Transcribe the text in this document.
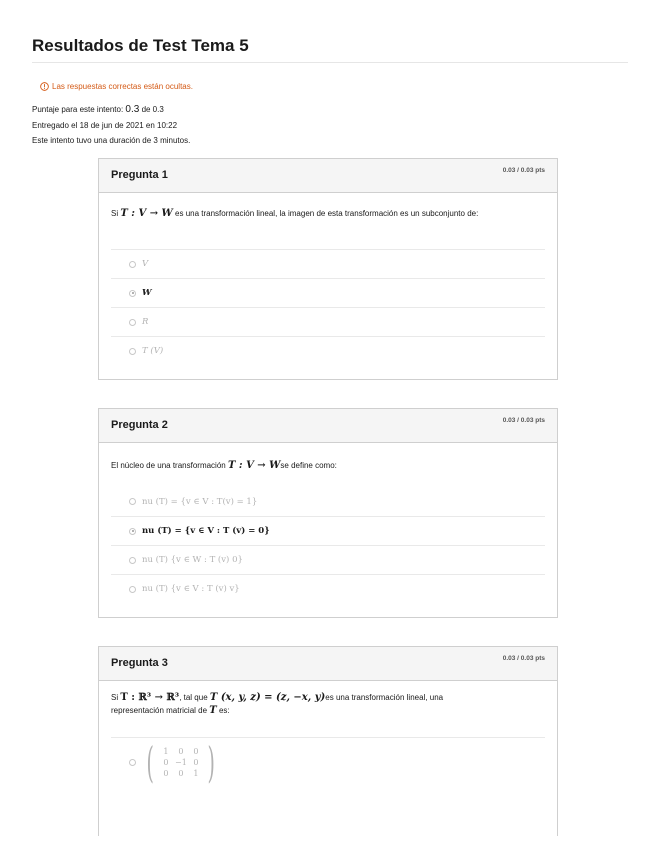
Resultados de Test Tema 5
Las respuestas correctas están ocultas.
Puntaje para este intento: 0.3 de 0.3
Entregado el 18 de jun de 2021 en 10:22
Este intento tuvo una duración de 3 minutos.
Pregunta 1	0.03 / 0.03 pts
Si T : V → W es una transformación lineal, la imagen de esta transformación es un subconjunto de:
V
W
R
T (V)
Pregunta 2	0.03 / 0.03 pts
El núcleo de una transformación T : V → Wse define como:
nu (T) = {v ∈ V : T(v) = 1}
nu (T) = {v ∈ V : T (v) = 0}
nu (T) {v ∈ W : T (v) 0}
nu (T) {v ∈ V : T (v) v}
Pregunta 3	0.03 / 0.03 pts
Si T : ℝ³ → ℝ³, tal que T (x, y, z) = (z, −x, y)es una transformación lineal, una
representación matricial de T es:
(	1	0	0
0 −1 0
0	0	1 )
